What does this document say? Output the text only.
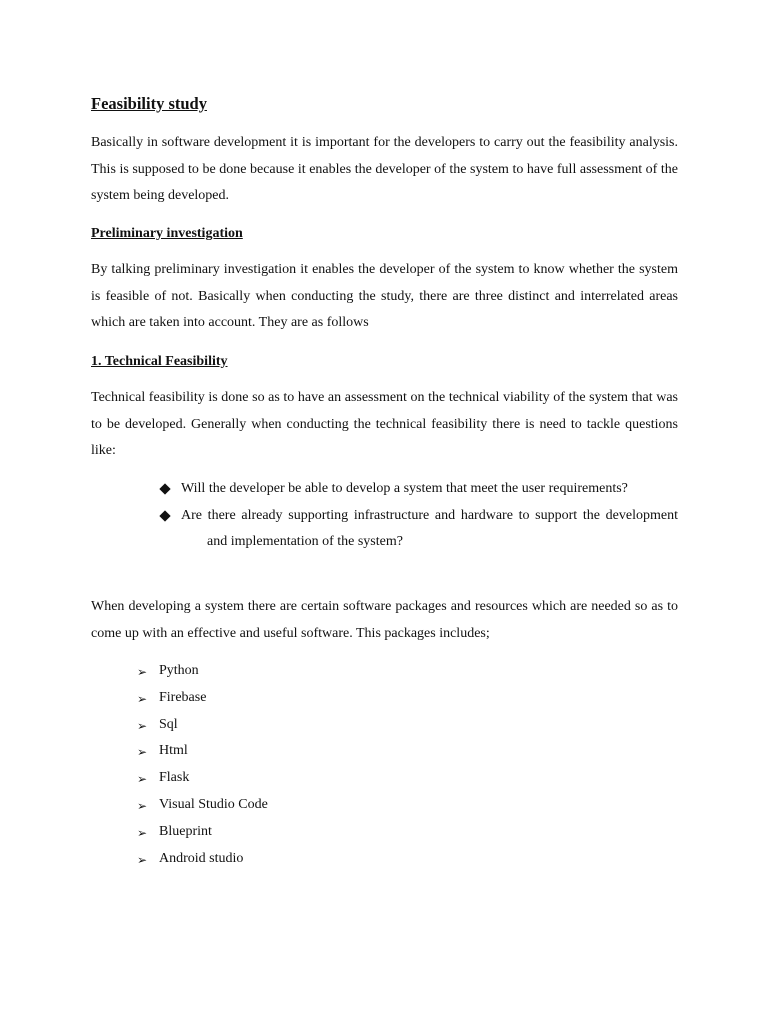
Feasibility study

Basically in software development it is important for the developers to carry out the feasibility analysis. This is supposed to be done because it enables the developer of the system to have full assessment of the system being developed.

Preliminary investigation

By talking preliminary investigation it enables the developer of the system to know whether the system is feasible of not. Basically when conducting the study, there are three distinct and interrelated areas which are taken into account. They are as follows

1. Technical Feasibility

Technical feasibility is done so as to have an assessment on the technical viability of the system that was to be developed. Generally when conducting the technical feasibility there is need to tackle questions like:

Will the developer be able to develop a system that meet the user requirements?
Are there already supporting infrastructure and hardware to support the developmentand implementation of the system?

When developing a system there are certain software packages and resources which are needed so as to come up with an effective and useful software. This packages includes;

➢ Python
➢ Firebase
➢ Sql
➢ Html
➢ Flask
➢ Visual Studio Code
➢ Blueprint
➢ Android studio
